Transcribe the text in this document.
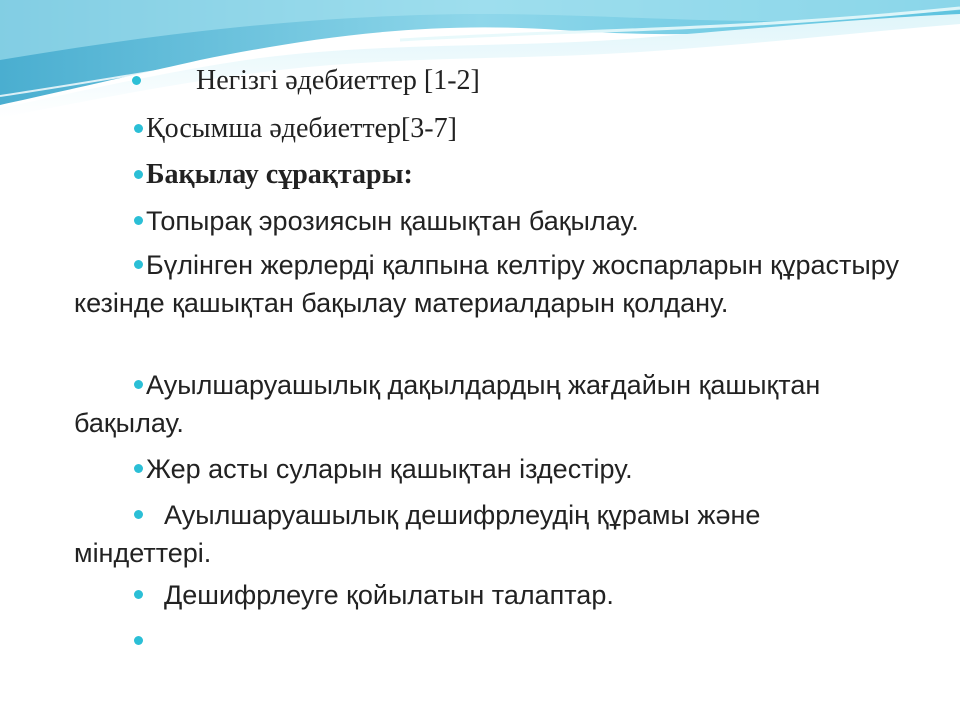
Негізгі әдебиеттер [1-2]
Қосымша әдебиеттер[3-7]
Бақылау сұрақтары:
Топырақ эрозиясын қашықтан бақылау.
Бүлінген жерлерді қалпына келтіру жоспарларын құрастыру кезінде қашықтан бақылау материалдарын қолдану.
Ауылшаруашылық дақылдардың жағдайын қашықтан бақылау.
Жер асты суларын қашықтан іздестіру.
Ауылшаруашылық дешифрлеудің құрамы және міндеттері.
Дешифрлеуге қойылатын талаптар.
